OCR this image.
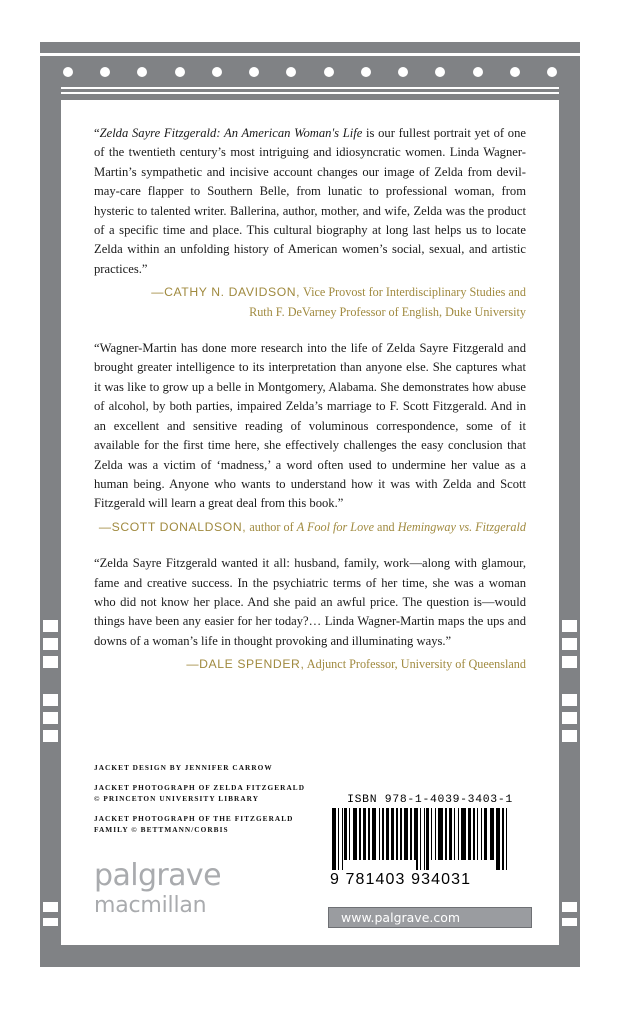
“Zelda Sayre Fitzgerald: An American Woman's Life is our fullest portrait yet of one of the twentieth century’s most intriguing and idiosyncratic women. Linda Wagner-Martin’s sympathetic and incisive account changes our image of Zelda from devil-may-care flapper to Southern Belle, from lunatic to professional woman, from hysteric to talented writer. Ballerina, author, mother, and wife, Zelda was the product of a specific time and place. This cultural biography at long last helps us to locate Zelda within an unfolding history of American women’s social, sexual, and artistic practices.”

—CATHY N. DAVIDSON, Vice Provost for Interdisciplinary Studies and
Ruth F. DeVarney Professor of English, Duke University

“Wagner-Martin has done more research into the life of Zelda Sayre Fitzgerald and brought greater intelligence to its interpretation than anyone else. She captures what it was like to grow up a belle in Montgomery, Alabama. She demonstrates how abuse of alcohol, by both parties, impaired Zelda’s marriage to F. Scott Fitzgerald. And in an excellent and sensitive reading of voluminous correspondence, some of it available for the first time here, she effectively challenges the easy conclusion that Zelda was a victim of ‘madness,’ a word often used to undermine her value as a human being. Anyone who wants to understand how it was with Zelda and Scott Fitzgerald will learn a great deal from this book.”

—SCOTT DONALDSON, author of A Fool for Love and Hemingway vs. Fitzgerald

“Zelda Sayre Fitzgerald wanted it all: husband, family, work—along with glamour, fame and creative success. In the psychiatric terms of her time, she was a woman who did not know her place. And she paid an awful price. The question is—would things have been any easier for her today?… Linda Wagner-Martin maps the ups and downs of a woman’s life in thought provoking and illuminating ways.”

—DALE SPENDER, Adjunct Professor, University of Queensland

JACKET DESIGN BY JENNIFER CARROW
JACKET PHOTOGRAPH OF ZELDA FITZGERALD
© PRINCETON UNIVERSITY LIBRARY
JACKET PHOTOGRAPH OF THE FITZGERALD
FAMILY © BETTMANN/CORBIS
palgrave
macmillan
ISBN 978-1-4039-3403-1
9 781403 934031
www.palgrave.com
